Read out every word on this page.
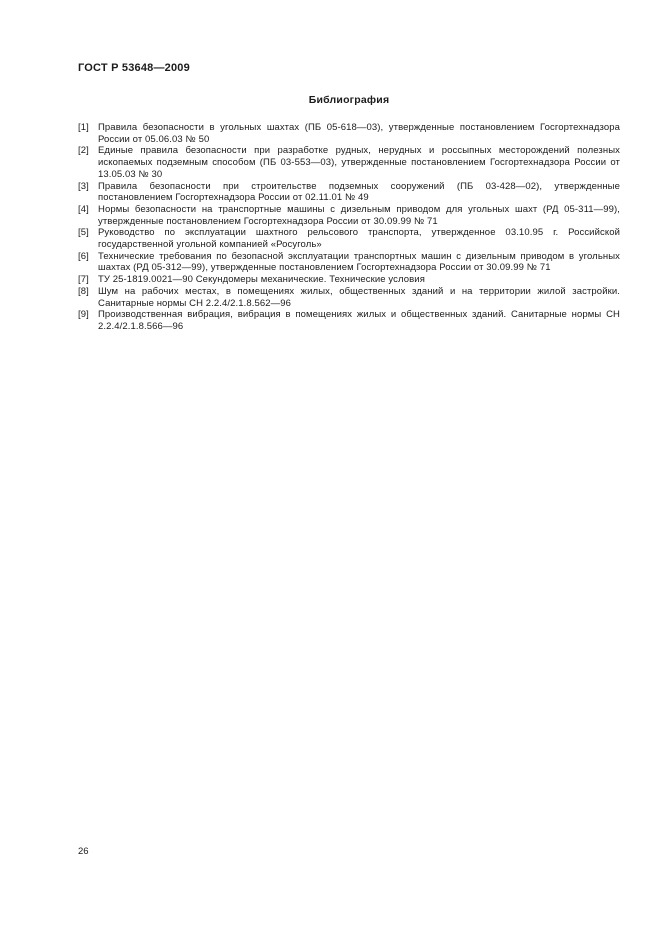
ГОСТ Р 53648—2009
Библиография
[1] Правила безопасности в угольных шахтах (ПБ 05-618—03), утвержденные постановлением Госгортехнадзора России от 05.06.03 № 50
[2] Единые правила безопасности при разработке рудных, нерудных и россыпных месторождений полезных ископаемых подземным способом (ПБ 03-553—03), утвержденные постановлением Госгортехнадзора России от 13.05.03 № 30
[3] Правила безопасности при строительстве подземных сооружений (ПБ 03-428—02), утвержденные постановлением Госгортехнадзора России от 02.11.01 № 49
[4] Нормы безопасности на транспортные машины с дизельным приводом для угольных шахт (РД 05-311—99), утвержденные постановлением Госгортехнадзора России от 30.09.99 № 71
[5] Руководство по эксплуатации шахтного рельсового транспорта, утвержденное 03.10.95 г. Российской государственной угольной компанией «Росуголь»
[6] Технические требования по безопасной эксплуатации транспортных машин с дизельным приводом в угольных шахтах (РД 05-312—99), утвержденные постановлением Госгортехнадзора России от 30.09.99 № 71
[7] ТУ 25-1819.0021—90 Секундомеры механические. Технические условия
[8] Шум на рабочих местах, в помещениях жилых, общественных зданий и на территории жилой застройки. Санитарные нормы СН 2.2.4/2.1.8.562—96
[9] Производственная вибрация, вибрация в помещениях жилых и общественных зданий. Санитарные нормы СН 2.2.4/2.1.8.566—96
26
